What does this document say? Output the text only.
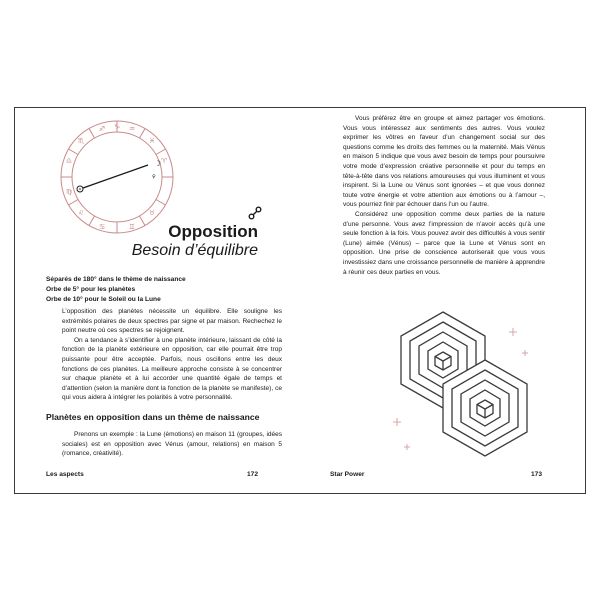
♑ ♒
♓
♈
♐
♏
♎
♍
♌
♋	♊
♉
☽
♀
Opposition
Besoin d’équilibre
Séparés de 180° dans le thème de naissance
Orbe de 5° pour les planètes
Orbe de 10° pour le Soleil ou la Lune

L’opposition des planètes nécessite un équilibre. Elle souligne les extrémités polaires de deux spectres par signe et par maison. Rechechez le point neutre où ces spectres se rejoignent.

On a tendance à s’identifier à une planète intérieure, laissant de côté la fonction de la planète extérieure en opposition, car elle pourrait être trop puissante pour être acceptée. Parfois, nous oscillons entre les deux fonctions de ces planètes. La meilleure approche consiste à se concentrer sur chaque planète et à lui accorder une quantité égale de temps et d’attention (selon la manière dont la fonction de la planète se manifeste), ce qui vous aidera à intégrer les polarités à votre personnalité.

Planètes en opposition dans un thème de naissance

Prenons un exemple : la Lune (émotions) en maison 11 (groupes, idées sociales) est en opposition avec Vénus (amour, relations) en maison 5 (romance, créativité).

Les aspects	172

Vous préférez être en groupe et aimez partager vos émotions. Vous vous intéressez aux sentiments des autres. Vous voulez exprimer les vôtres en faveur d’un changement social sur des questions comme les droits des femmes ou la maternité. Mais Vénus en maison 5 indique que vous avez besoin de temps pour poursuivre votre mode d’expression créative personnelle et pour du temps en tête-à-tête dans vos relations amoureuses qui vous illuminent et vous inspirent. Si la Lune ou Vénus sont ignorées – et que vous donnez toute votre énergie et votre attention aux émotions ou à l’amour –, vous pourriez finir par échouer dans l’un ou l’autre.

Considérez une opposition comme deux parties de la nature d’une personne. Vous avez l’impression de n’avoir accès qu’à une seule fonction à la fois. Vous pouvez avoir des difficultés à vous sentir (Lune) aimée (Vénus) – parce que la Lune et Vénus sont en opposition. Une prise de conscience autoriserait que vous vous investissiez dans une croissance personnelle de manière à apprendre à réunir ces deux parties en vous.

Star Power	173
